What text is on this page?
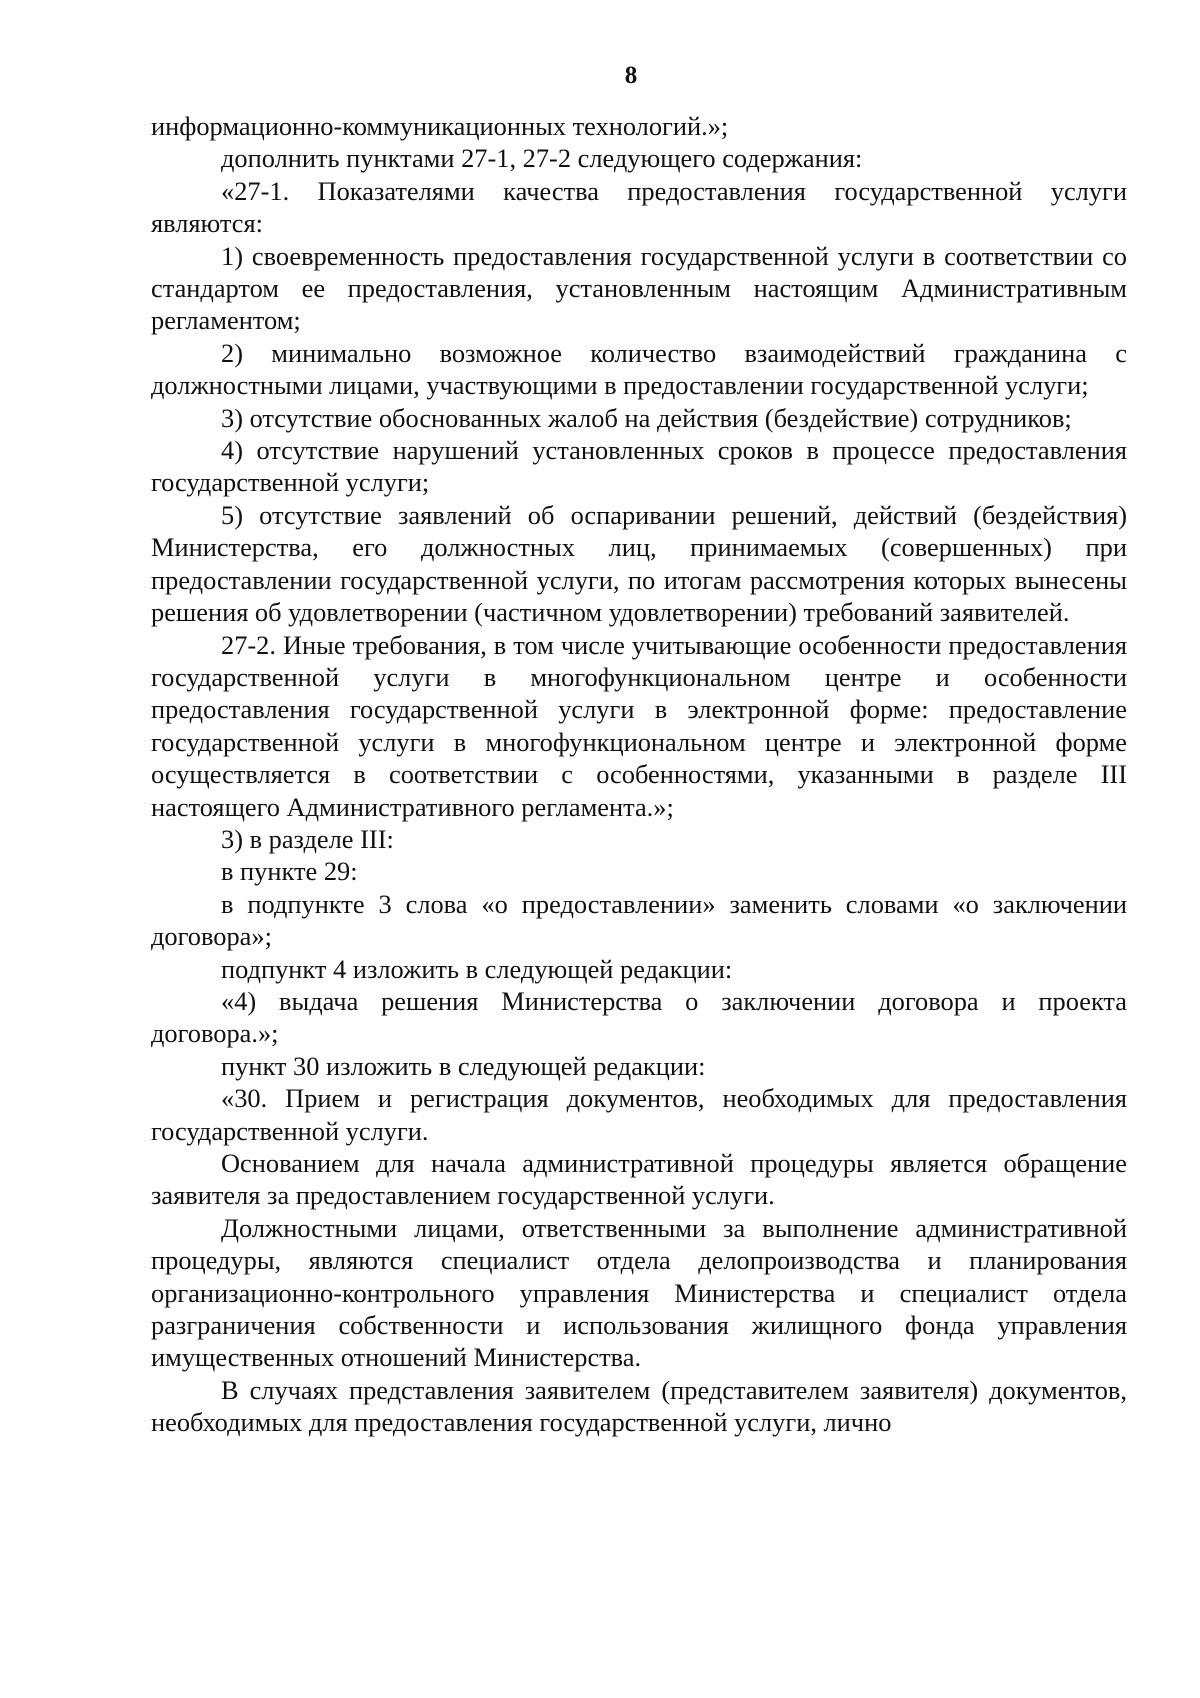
8

информационно-коммуникационных технологий.»;

дополнить пунктами 27-1, 27-2 следующего содержания:

«27-1. Показателями качества предоставления государственной услуги являются:

1) своевременность предоставления государственной услуги в соответствии со стандартом ее предоставления, установленным настоящим Административным регламентом;

2) минимально возможное количество взаимодействий гражданина с должностными лицами, участвующими в предоставлении государственной услуги;

3) отсутствие обоснованных жалоб на действия (бездействие) сотрудников;

4) отсутствие нарушений установленных сроков в процессе предоставления государственной услуги;

5) отсутствие заявлений об оспаривании решений, действий (бездействия) Министерства, его должностных лиц, принимаемых (совершенных) при предоставлении государственной услуги, по итогам рассмотрения которых вынесены решения об удовлетворении (частичном удовлетворении) требований заявителей.

27-2. Иные требования, в том числе учитывающие особенности предоставления государственной услуги в многофункциональном центре и особенности предоставления государственной услуги в электронной форме: предоставление государственной услуги в многофункциональном центре и электронной форме осуществляется в соответствии с особенностями, указанными в разделе III настоящего Административного регламента.»;

3) в разделе III:

в пункте 29:

в подпункте 3 слова «о предоставлении» заменить словами «о заключении договора»;

подпункт 4 изложить в следующей редакции:

«4) выдача решения Министерства о заключении договора и проекта договора.»;

пункт 30 изложить в следующей редакции:

«30. Прием и регистрация документов, необходимых для предоставления государственной услуги.

Основанием для начала административной процедуры является обращение заявителя за предоставлением государственной услуги.

Должностными лицами, ответственными за выполнение административной процедуры, являются специалист отдела делопроизводства и планирования организационно-контрольного управления Министерства и специалист отдела разграничения собственности и использования жилищного фонда управления имущественных отношений Министерства.

В случаях представления заявителем (представителем заявителя) документов, необходимых для предоставления государственной услуги, лично
